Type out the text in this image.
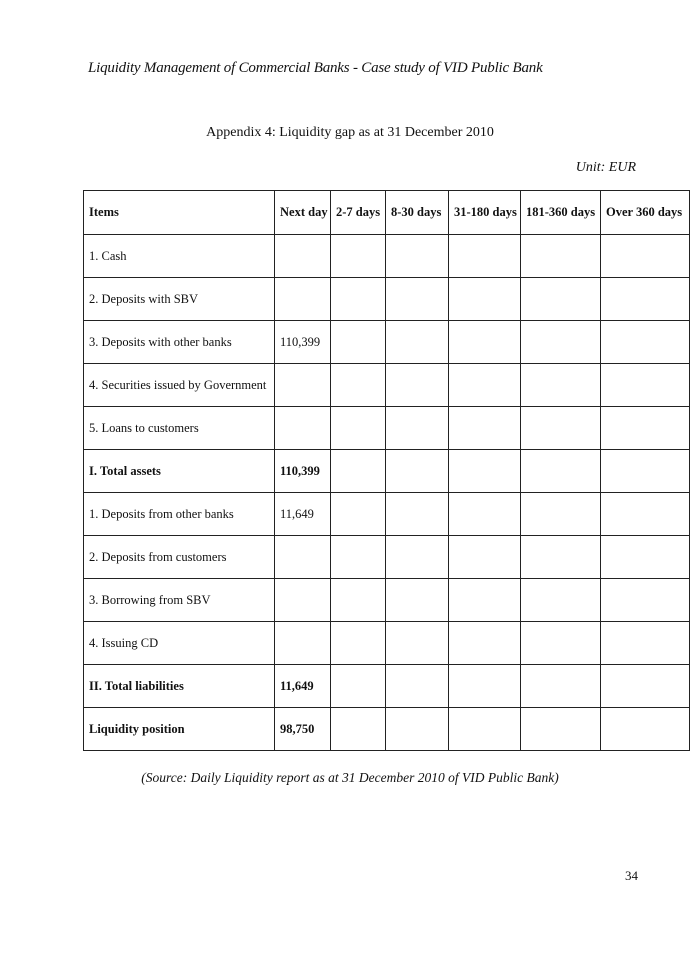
Liquidity Management of Commercial Banks - Case study of VID Public Bank
Appendix 4: Liquidity gap as at 31 December 2010
Unit: EUR
Items	Next day	2-7 days	8-30 days	31-180 days	181-360 days	Over 360 days
1. Cash						
2. Deposits with SBV						
3. Deposits with other banks	110,399					
4. Securities issued by Government						
5. Loans to customers						
I. Total assets	110,399					
1. Deposits from other banks	11,649					
2. Deposits from customers						
3. Borrowing from SBV						
4. Issuing CD						
II. Total liabilities	11,649					
Liquidity position	98,750					
(Source: Daily Liquidity report as at 31 December 2010 of VID Public Bank)
34
